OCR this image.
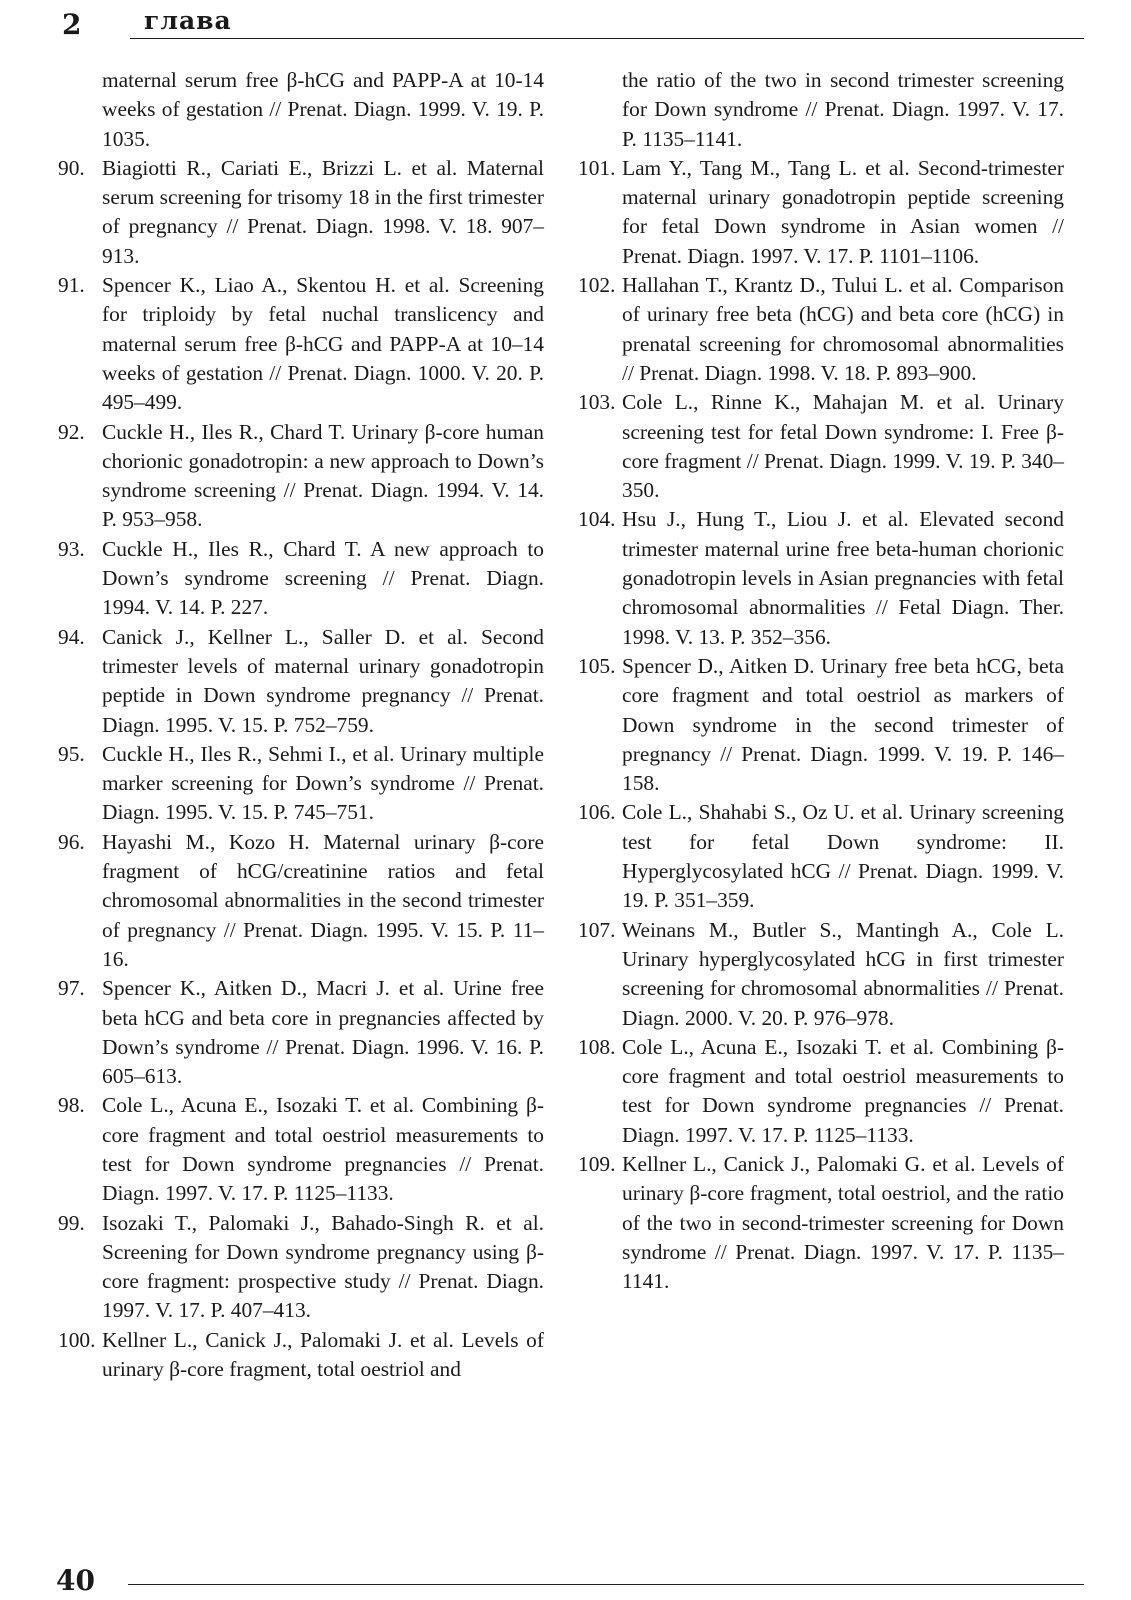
2	глава
maternal serum free β-hCG and PAPP-A at 10-14 weeks of gestation // Prenat. Diagn. 1999. V. 19. P. 1035.
90. Biagiotti R., Cariati E., Brizzi L. et al. Maternal serum screening for trisomy 18 in the first trimester of pregnancy // Prenat. Diagn. 1998. V. 18. 907–913.
91. Spencer K., Liao A., Skentou H. et al. Screening for triploidy by fetal nuchal translicency and maternal serum free β-hCG and PAPP-A at 10–14 weeks of gestation // Prenat. Diagn. 1000. V. 20. P. 495–499.
92. Cuckle H., Iles R., Chard T. Urinary β-core human chorionic gonadotropin: a new approach to Down’s syndrome screening // Prenat. Diagn. 1994. V. 14. P. 953–958.
93. Cuckle H., Iles R., Chard T. A new approach to Down’s syndrome screening // Prenat. Diagn. 1994. V. 14. P. 227.
94. Canick J., Kellner L., Saller D. et al. Second trimester levels of maternal urinary gonadotropin peptide in Down syndrome pregnancy // Prenat. Diagn. 1995. V. 15. P. 752–759.
95. Cuckle H., Iles R., Sehmi I., et al. Urinary multiple marker screening for Down’s syndrome // Prenat. Diagn. 1995. V. 15. P. 745–751.
96. Hayashi M., Kozo H. Maternal urinary β-core fragment of hCG/creatinine ratios and fetal chromosomal abnormalities in the second trimester of pregnancy // Prenat. Diagn. 1995. V. 15. P. 11–16.
97. Spencer K., Aitken D., Macri J. et al. Urine free beta hCG and beta core in pregnancies affected by Down’s syndrome // Prenat. Diagn. 1996. V. 16. P. 605–613.
98. Cole L., Acuna E., Isozaki T. et al. Combining β-core fragment and total oestriol measurements to test for Down syndrome pregnancies // Prenat. Diagn. 1997. V. 17. P. 1125–1133.
99. Isozaki T., Palomaki J., Bahado-Singh R. et al. Screening for Down syndrome pregnancy using β-core fragment: prospective study // Prenat. Diagn. 1997. V. 17. P. 407–413.
100. Kellner L., Canick J., Palomaki J. et al. Levels of urinary β-core fragment, total oestriol and
the ratio of the two in second trimester screening for Down syndrome // Prenat. Diagn. 1997. V. 17. P. 1135–1141.
101. Lam Y., Tang M., Tang L. et al. Second-trimester maternal urinary gonadotropin peptide screening for fetal Down syndrome in Asian women // Prenat. Diagn. 1997. V. 17. P. 1101–1106.
102. Hallahan T., Krantz D., Tului L. et al. Comparison of urinary free beta (hCG) and beta core (hCG) in prenatal screening for chromosomal abnormalities // Prenat. Diagn. 1998. V. 18. P. 893–900.
103. Cole L., Rinne K., Mahajan M. et al. Urinary screening test for fetal Down syndrome: I. Free β-core fragment // Prenat. Diagn. 1999. V. 19. P. 340–350.
104. Hsu J., Hung T., Liou J. et al. Elevated second trimester maternal urine free beta-human chorionic gonadotropin levels in Asian pregnancies with fetal chromosomal abnormalities // Fetal Diagn. Ther. 1998. V. 13. P. 352–356.
105. Spencer D., Aitken D. Urinary free beta hCG, beta core fragment and total oestriol as markers of Down syndrome in the second trimester of pregnancy // Prenat. Diagn. 1999. V. 19. P. 146–158.
106. Cole L., Shahabi S., Oz U. et al. Urinary screening test for fetal Down syndrome: II. Hyperglycosylated hCG // Prenat. Diagn. 1999. V. 19. P. 351–359.
107. Weinans M., Butler S., Mantingh A., Cole L. Urinary hyperglycosylated hCG in first trimester screening for chromosomal abnormalities // Prenat. Diagn. 2000. V. 20. P. 976–978.
108. Cole L., Acuna E., Isozaki T. et al. Combining β-core fragment and total oestriol measurements to test for Down syndrome pregnancies // Prenat. Diagn. 1997. V. 17. P. 1125–1133.
109. Kellner L., Canick J., Palomaki G. et al. Levels of urinary β-core fragment, total oestriol, and the ratio of the two in second-trimester screening for Down syndrome // Prenat. Diagn. 1997. V. 17. P. 1135–1141.
40
